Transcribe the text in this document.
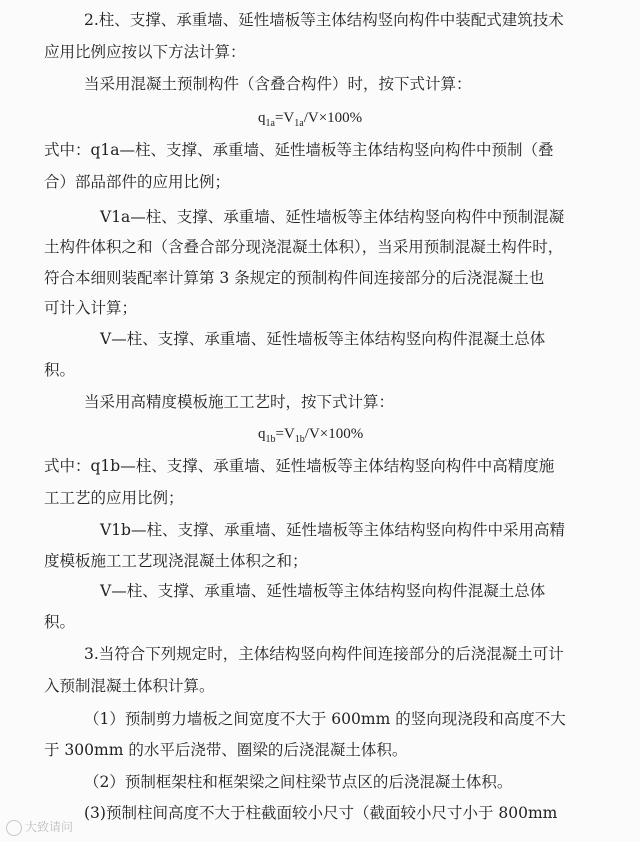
2.柱、支撑、承重墙、延性墙板等主体结构竖向构件中装配式建筑技术
应用比例应按以下方法计算：
当采用混凝土预制构件（含叠合构件）时，按下式计算：
$q_{1a}=V_{1a}/V\times 100\%$
式中：q1a—柱、支撑、承重墙、延性墙板等主体结构竖向构件中预制（叠
合）部品部件的应用比例；
V1a—柱、支撑、承重墙、延性墙板等主体结构竖向构件中预制混凝
土构件体积之和（含叠合部分现浇混凝土体积），当采用预制混凝土构件时，
符合本细则装配率计算第 3 条规定的预制构件间连接部分的后浇混凝土也
可计入计算；
V—柱、支撑、承重墙、延性墙板等主体结构竖向构件混凝土总体
积。
当采用高精度模板施工工艺时，按下式计算：
$q_{1b}=V_{1b}/V\times 100\%$
式中：q1b—柱、支撑、承重墙、延性墙板等主体结构竖向构件中高精度施
工工艺的应用比例；
V1b—柱、支撑、承重墙、延性墙板等主体结构竖向构件中采用高精
度模板施工工艺现浇混凝土体积之和；
V—柱、支撑、承重墙、延性墙板等主体结构竖向构件混凝土总体
积。
3.当符合下列规定时，主体结构竖向构件间连接部分的后浇混凝土可计
入预制混凝土体积计算。
（1）预制剪力墙板之间宽度不大于 600mm 的竖向现浇段和高度不大
于 300mm 的水平后浇带、圈梁的后浇混凝土体积。
（2）预制框架柱和框架梁之间柱梁节点区的后浇混凝土体积。
(3)预制柱间高度不大于柱截面较小尺寸（截面较小尺寸小于 800mm
大致请问
